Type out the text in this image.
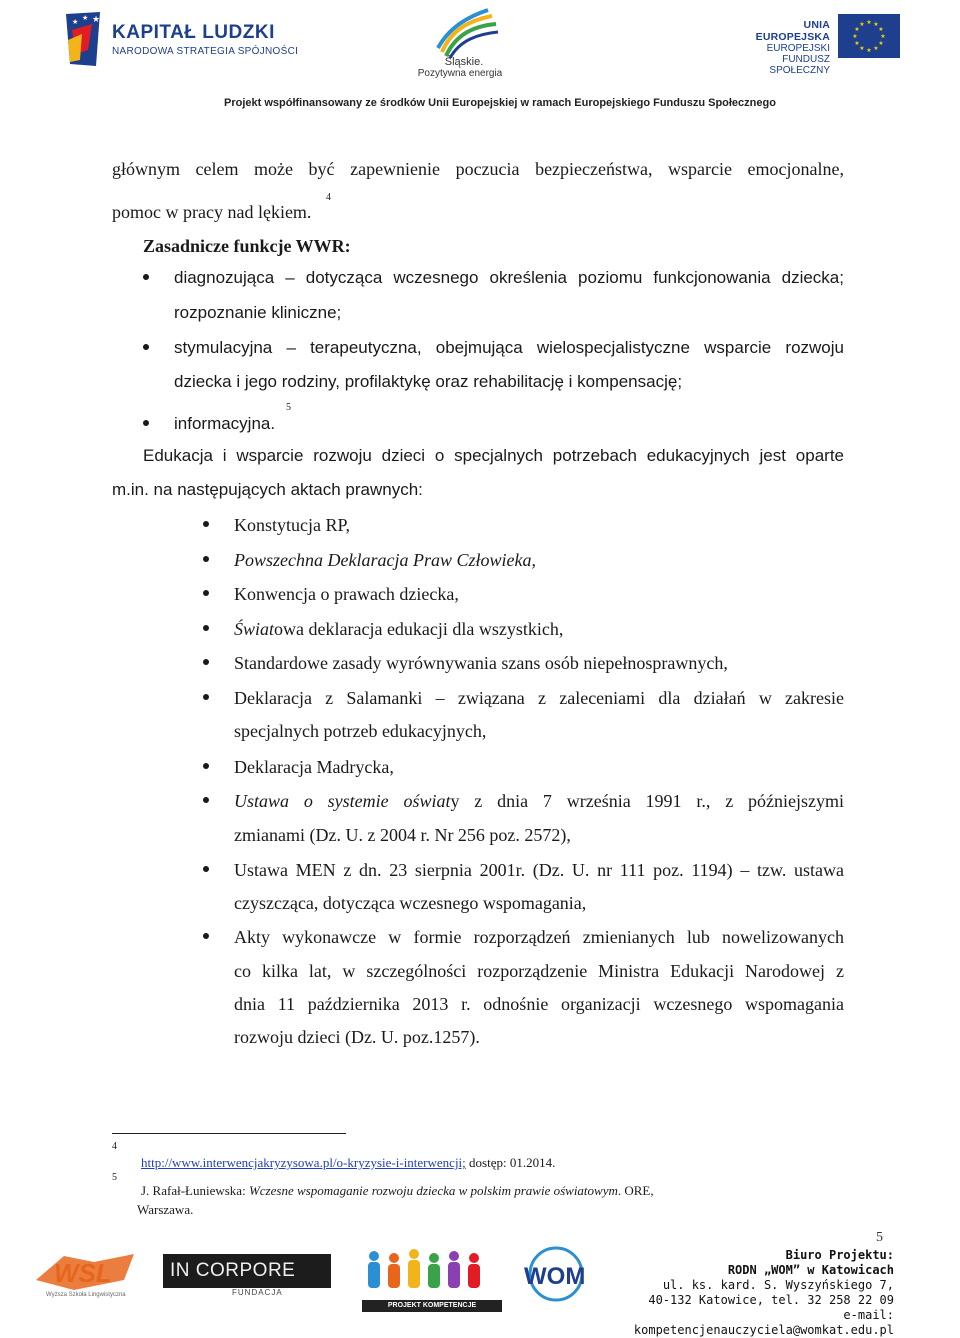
★
★
★ KAPITAŁ LUDZKI
NARODOWA STRATEGIA SPÓJNOŚCI
Śląskie.
Pozytywna energia
UNIA EUROPEJSKA
EUROPEJSKI
FUNDUSZ SPOŁECZNY
★ ★
★
★
★
★
★
★
★
★
★
★
Projekt współfinansowany ze środków Unii Europejskiej w ramach Europejskiego Funduszu Społecznego
głównym celem może być zapewnienie poczucia bezpieczeństwa, wsparcie emocjonalne,
pomoc w pracy nad lękiem.
4
Zasadnicze funkcje WWR:
diagnozująca – dotycząca wczesnego określenia poziomu funkcjonowania dziecka;
rozpoznanie kliniczne;
stymulacyjna – terapeutyczna, obejmująca wielospecjalistyczne wsparcie rozwoju
dziecka i jego rodziny, profilaktykę oraz rehabilitację i kompensację;
informacyjna.
5
Edukacja i wsparcie rozwoju dzieci o specjalnych potrzebach edukacyjnych jest oparte
m.in. na następujących aktach prawnych:
Konstytucja RP,
Powszechna Deklaracja Praw Człowieka,
Konwencja o prawach dziecka,
Światowa deklaracja edukacji dla wszystkich,
Standardowe zasady wyrównywania szans osób niepełnosprawnych,
Deklaracja z Salamanki – związana z zaleceniami dla działań w zakresie
specjalnych potrzeb edukacyjnych,
Deklaracja Madrycka,
Ustawa o systemie oświaty z dnia 7 września 1991 r., z późniejszymi
zmianami (Dz. U. z 2004 r. Nr 256 poz. 2572),
Ustawa MEN z dn. 23 sierpnia 2001r. (Dz. U. nr 111 poz. 1194) – tzw. ustawa
czyszcząca, dotycząca wczesnego wspomagania,
Akty wykonawcze w formie rozporządzeń zmienianych lub nowelizowanych
co kilka lat, w szczególności rozporządzenie Ministra Edukacji Narodowej z
dnia 11 października 2013 r. odnośnie organizacji wczesnego wspomagania
rozwoju dzieci (Dz. U. poz.1257).
4
http://www.interwencjakryzysowa.pl/o-kryzysie-i-interwencji; dostęp: 01.2014.
5
J. Rafał-Łuniewska: Wczesne wspomaganie rozwoju dziecka w polskim prawie oświatowym. ORE,
Warszawa.
WSL
Wyższa Szkoła Lingwistyczna
IN CORPORE
FUNDACJA
PROJEKT KOMPETENCJE NAUCZYCIELA
WOM
5
Biuro Projektu:
RODN „WOM” w Katowicach
ul. ks. kard. S. Wyszyńskiego 7,
40-132 Katowice, tel. 32 258 22 09
e-mail: kompetencjenauczyciela@womkat.edu.pl
